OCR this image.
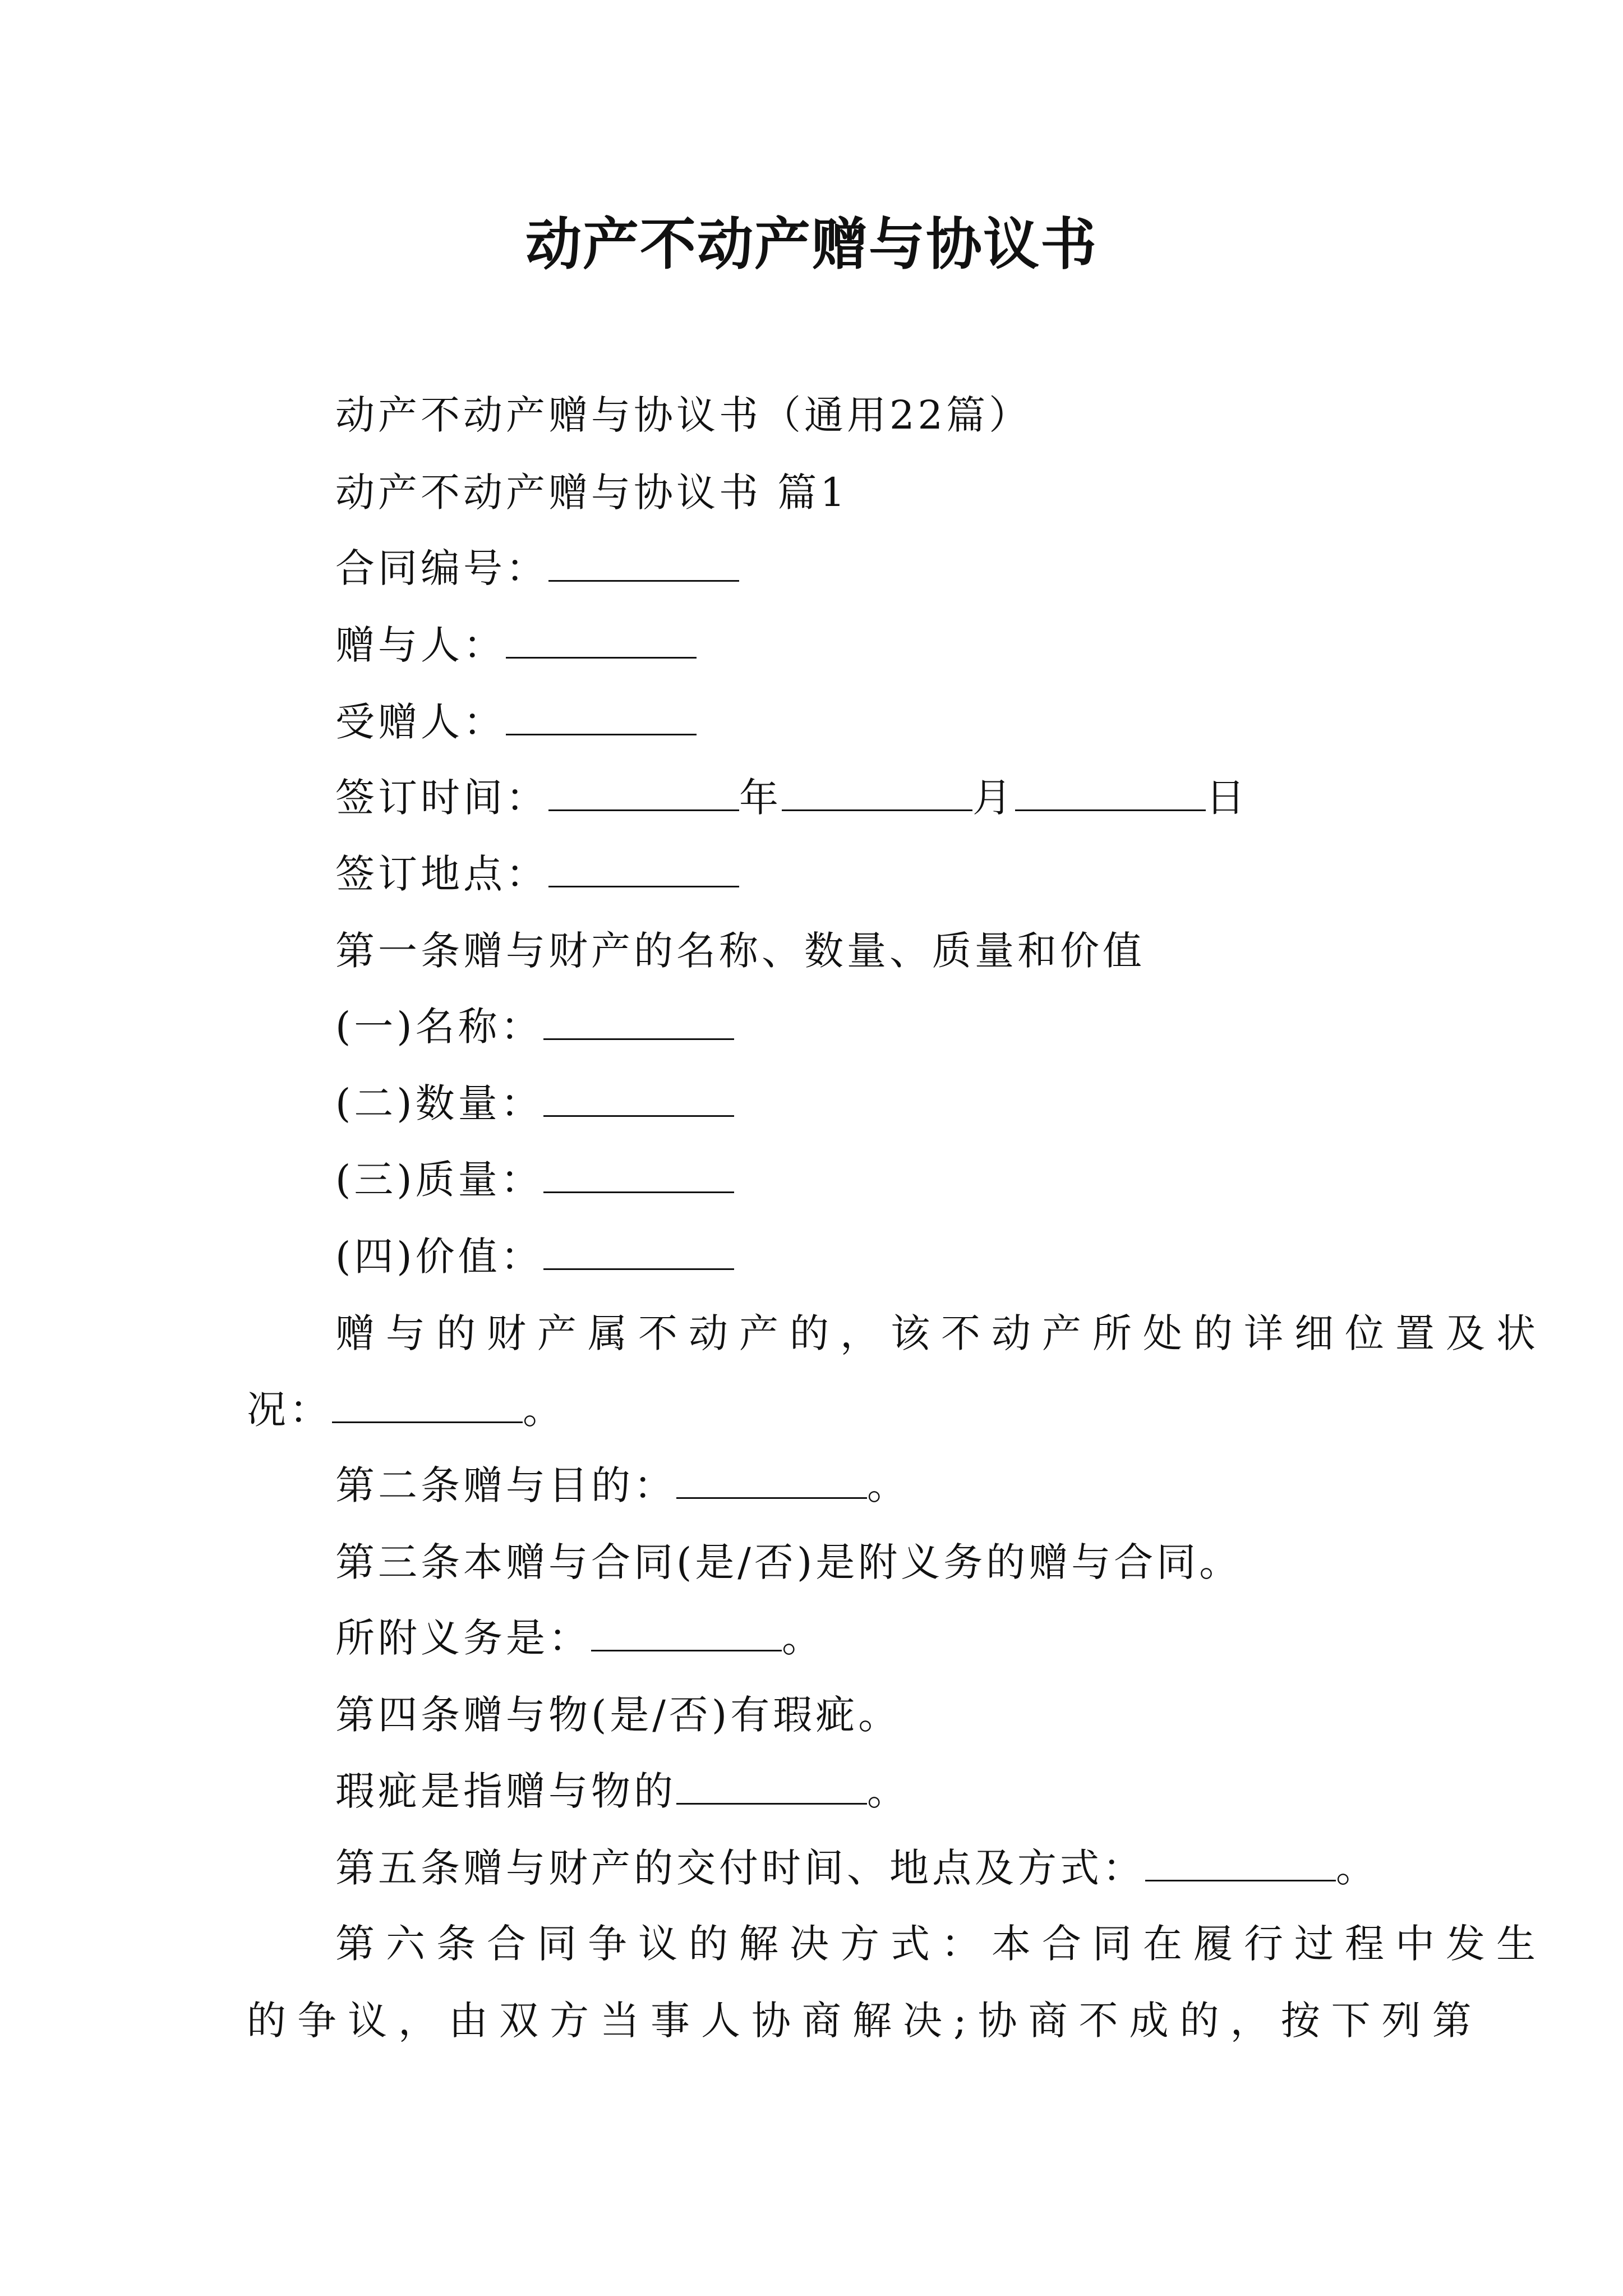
动产不动产赠与协议书
动产不动产赠与协议书（通用22篇）
动产不动产赠与协议书 篇1
合同编号：
赠与人：
受赠人：
签订时间：	年	月	日
签订地点：
第一条赠与财产的名称、数量、质量和价值
(一)名称：
(二)数量：
(三)质量：
(四)价值：
赠与的财产属不动产的，该不动产所处的详细位置及状
况：	。
第二条赠与目的：	。
第三条本赠与合同(是/否)是附义务的赠与合同。
所附义务是：	。
第四条赠与物(是/否)有瑕疵。
瑕疵是指赠与物的	。
第五条赠与财产的交付时间、地点及方式：	。
第六条合同争议的解决方式：本合同在履行过程中发生
的争议，由双方当事人协商解决;协商不成的，按下列第
